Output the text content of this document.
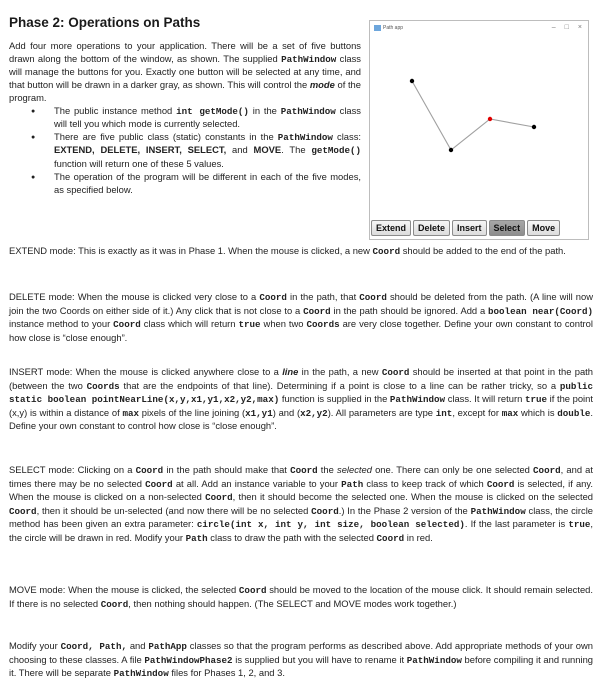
Phase 2: Operations on Paths

Add four more operations to your application. There will be a set of five buttons drawn along the bottom of the window, as shown. The supplied PathWindow class will manage the buttons for you. Exactly one button will be selected at any time, and that button will be drawn in a darker gray, as shown. This will control the mode of the program.

● The public instance method int getMode() in the PathWindow class will tell you which mode is currently selected.
● There are five public class (static) constants in the PathWindow class: EXTEND, DELETE, INSERT, SELECT, and MOVE. The getMode() function will return one of these 5 values.
● The operation of the program will be different in each of the five modes, as specified below.
Path app	– □ ×
Extend	Delete	Insert	Select	Move

EXTEND mode: This is exactly as it was in Phase 1. When the mouse is clicked, a new Coord should be added to the end of the path.

DELETE mode: When the mouse is clicked very close to a Coord in the path, that Coord should be deleted from the path. (A line will now join the two Coords on either side of it.) Any click that is not close to a Coord in the path should be ignored. Add a boolean near(Coord) instance method to your Coord class which will return true when two Coords are very close together. Define your own constant to control how close is “close enough”.

INSERT mode: When the mouse is clicked anywhere close to a line in the path, a new Coord should be inserted at that point in the path (between the two Coords that are the endpoints of that line). Determining if a point is close to a line can be rather tricky, so a public static boolean pointNearLine(x,y,x1,y1,x2,y2,max) function is supplied in the PathWindow class. It will return true if the point (x,y) is within a distance of max pixels of the line joining (x1,y1) and (x2,y2). All parameters are type int, except for max which is double. Define your own constant to control how close is “close enough”.

SELECT mode: Clicking on a Coord in the path should make that Coord the selected one. There can only be one selected Coord, and at times there may be no selected Coord at all. Add an instance variable to your Path class to keep track of which Coord is selected, if any. When the mouse is clicked on a non-selected Coord, then it should become the selected one. When the mouse is clicked on the selected Coord, then it should be un-selected (and now there will be no selected Coord.) In the Phase 2 version of the PathWindow class, the circle method has been given an extra parameter: circle(int x, int y, int size, boolean selected). If the last parameter is true, the circle will be drawn in red. Modify your Path class to draw the path with the selected Coord in red.

MOVE mode: When the mouse is clicked, the selected Coord should be moved to the location of the mouse click. It should remain selected. If there is no selected Coord, then nothing should happen. (The SELECT and MOVE modes work together.)

Modify your Coord, Path, and PathApp classes so that the program performs as described above. Add appropriate methods of your own choosing to these classes. A file PathWindowPhase2 is supplied but you will have to rename it PathWindow before compiling it and running it. There will be separate PathWindow files for Phases 1, 2, and 3.
